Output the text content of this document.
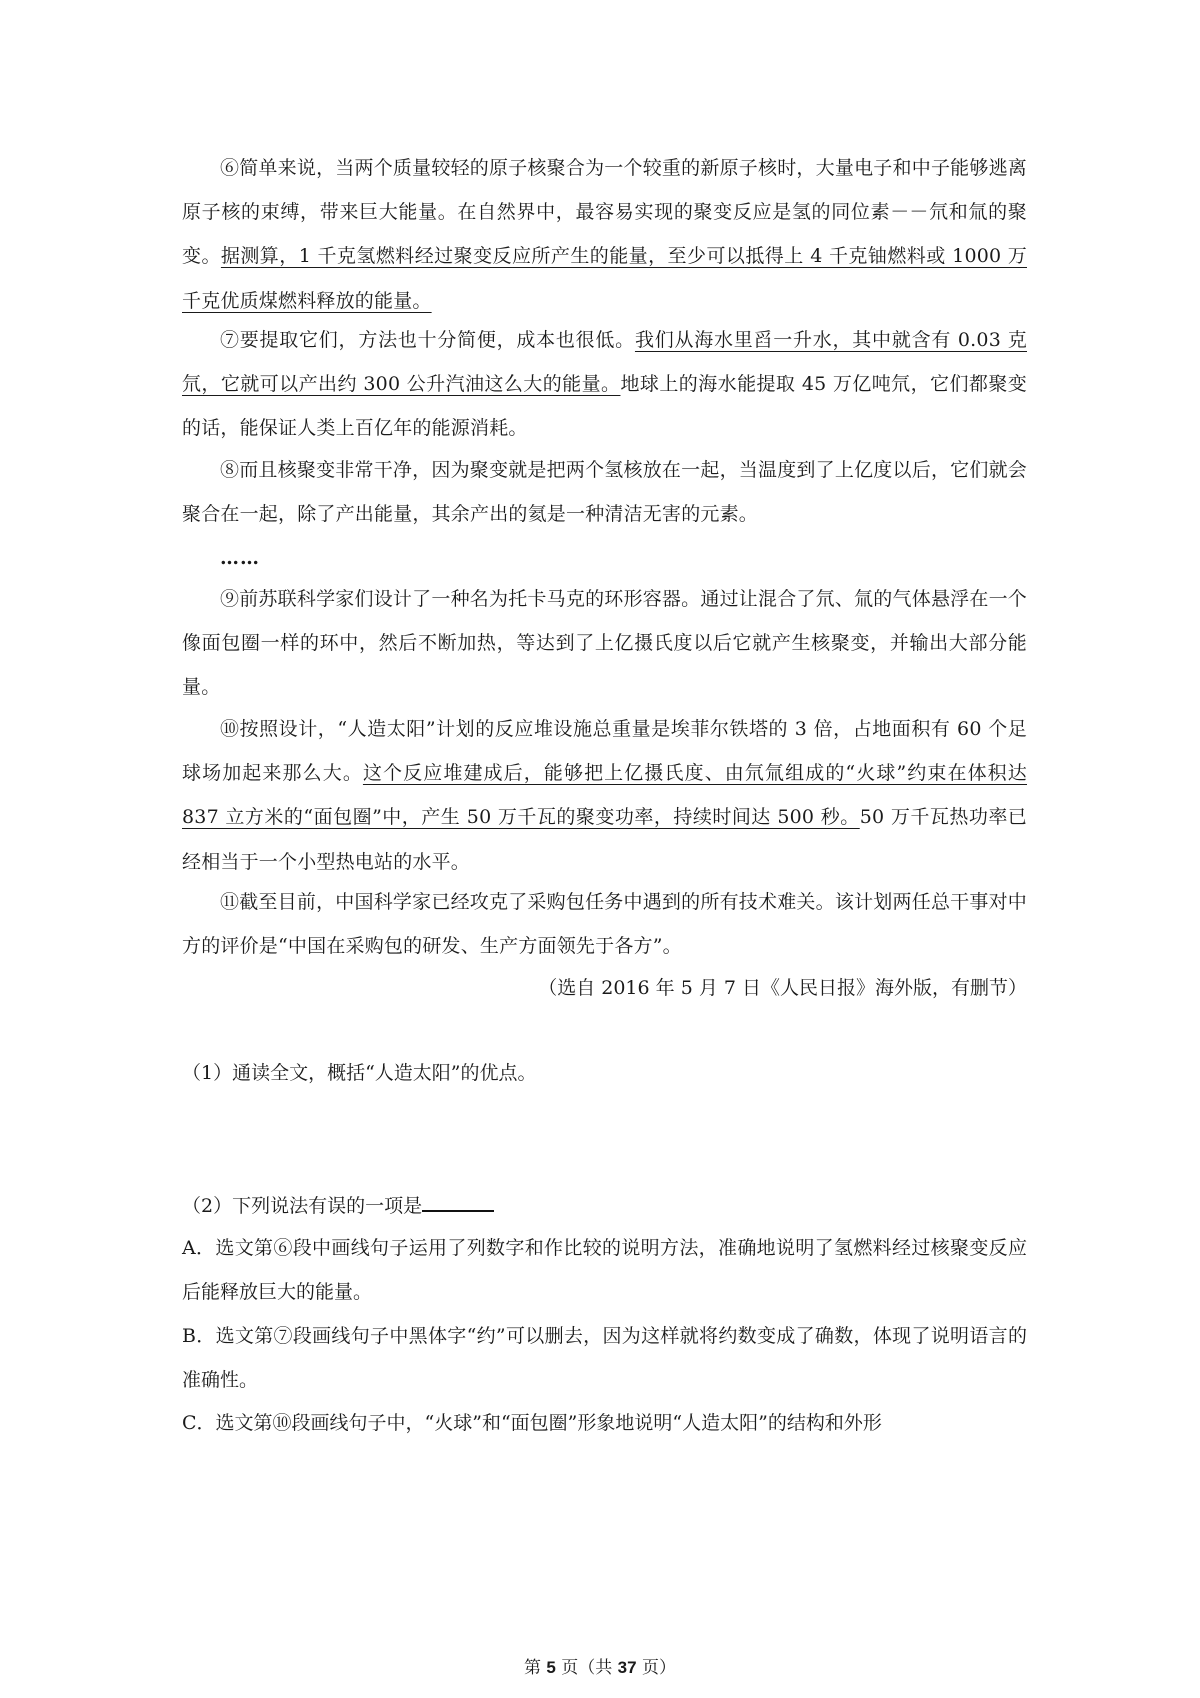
⑥简单来说，当两个质量较轻的原子核聚合为一个较重的新原子核时，大量电子和中子能够逃离原子核的束缚，带来巨大能量。在自然界中，最容易实现的聚变反应是氢的同位素－－氘和氚的聚变。据测算，1 千克氢燃料经过聚变反应所产生的能量，至少可以抵得上 4 千克铀燃料或 1000 万千克优质煤燃料释放的能量。

⑦要提取它们，方法也十分简便，成本也很低。我们从海水里舀一升水，其中就含有 0.03 克氘，它就可以产出约 300 公升汽油这么大的能量。地球上的海水能提取 45 万亿吨氘，它们都聚变的话，能保证人类上百亿年的能源消耗。

⑧而且核聚变非常干净，因为聚变就是把两个氢核放在一起，当温度到了上亿度以后，它们就会聚合在一起，除了产出能量，其余产出的氦是一种清洁无害的元素。

……

⑨前苏联科学家们设计了一种名为托卡马克的环形容器。通过让混合了氘、氚的气体悬浮在一个像面包圈一样的环中，然后不断加热，等达到了上亿摄氏度以后它就产生核聚变，并输出大部分能量。

⑩按照设计，“人造太阳”计划的反应堆设施总重量是埃菲尔铁塔的 3 倍，占地面积有 60 个足球场加起来那么大。这个反应堆建成后，能够把上亿摄氏度、由氘氚组成的“火球”约束在体积达 837 立方米的“面包圈”中，产生 50 万千瓦的聚变功率，持续时间达 500 秒。50 万千瓦热功率已经相当于一个小型热电站的水平。

⑪截至目前，中国科学家已经攻克了采购包任务中遇到的所有技术难关。该计划两任总干事对中方的评价是“中国在采购包的研发、生产方面领先于各方”。

（选自 2016 年 5 月 7 日《人民日报》海外版，有删节）

（1）通读全文，概括“人造太阳”的优点。

（2）下列说法有误的一项是

A．选文第⑥段中画线句子运用了列数字和作比较的说明方法，准确地说明了氢燃料经过核聚变反应后能释放巨大的能量。

B．选文第⑦段画线句子中黑体字“约”可以删去，因为这样就将约数变成了确数，体现了说明语言的准确性。

C．选文第⑩段画线句子中，“火球”和“面包圈”形象地说明“人造太阳”的结构和外形

第 5 页（共 37 页）
